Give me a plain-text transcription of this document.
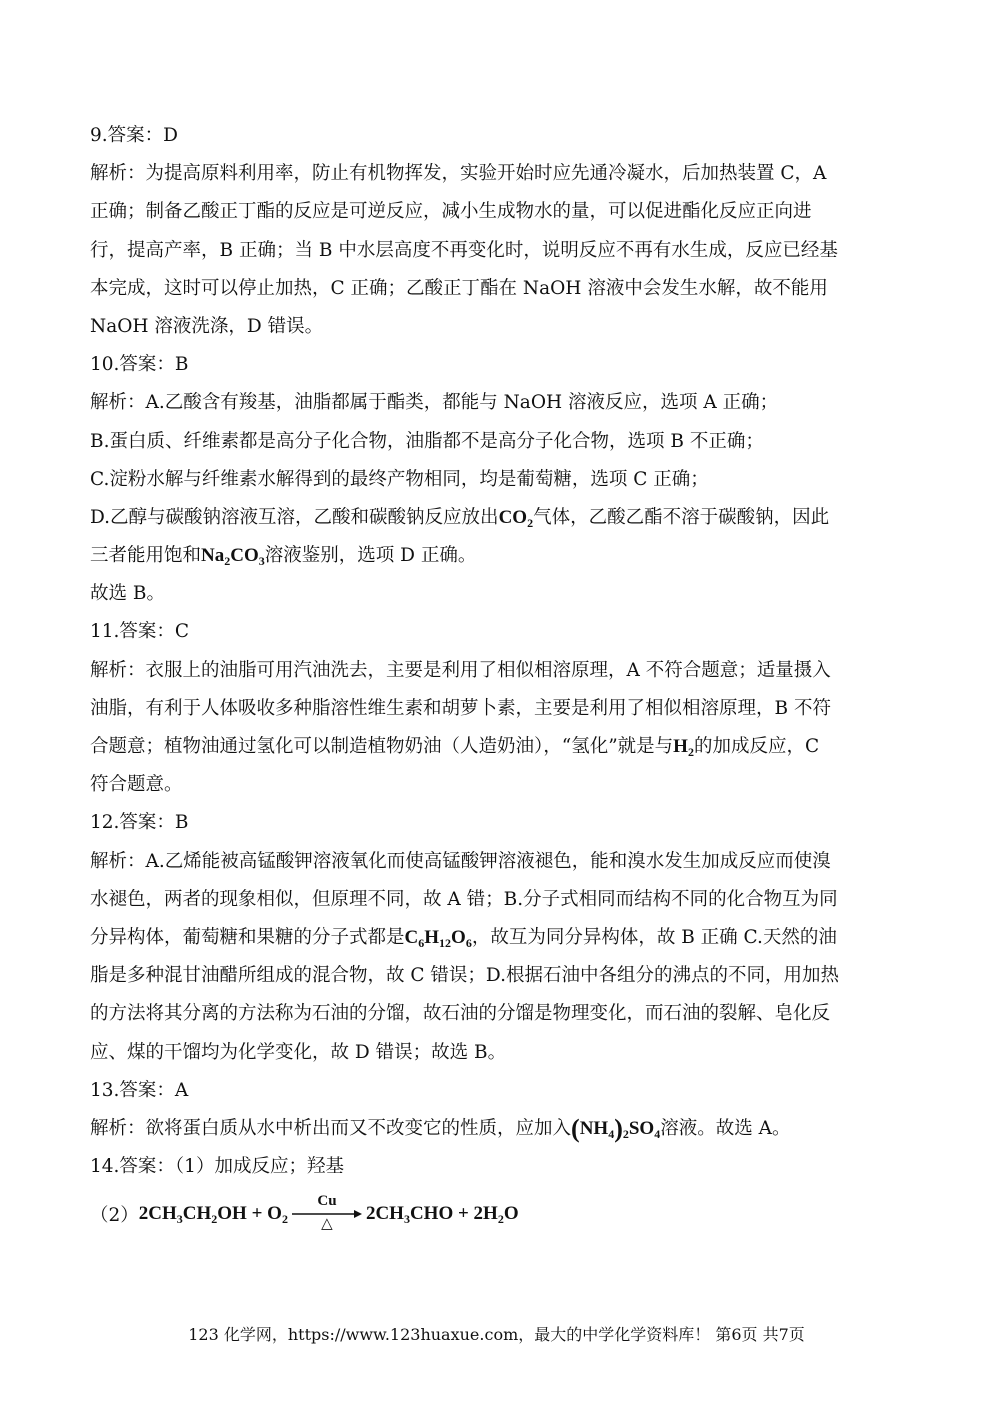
9.答案：D
解析：为提高原料利用率，防止有机物挥发，实验开始时应先通冷凝水，后加热装置 C，A
正确；制备乙酸正丁酯的反应是可逆反应，减小生成物水的量，可以促进酯化反应正向进
行，提高产率，B 正确；当 B 中水层高度不再变化时，说明反应不再有水生成，反应已经基
本完成，这时可以停止加热，C 正确；乙酸正丁酯在 NaOH 溶液中会发生水解，故不能用
NaOH 溶液洗涤，D 错误。
10.答案：B
解析：A.乙酸含有羧基，油脂都属于酯类，都能与 NaOH 溶液反应，选项 A 正确；
B.蛋白质、纤维素都是高分子化合物，油脂都不是高分子化合物，选项 B 不正确；
C.淀粉水解与纤维素水解得到的最终产物相同，均是葡萄糖，选项 C 正确；
D.乙醇与碳酸钠溶液互溶，乙酸和碳酸钠反应放出$CO_2$气体，乙酸乙酯不溶于碳酸钠，因此
三者能用饱和$Na_2CO_3$溶液鉴别，选项 D 正确。
故选 B。
11.答案：C
解析：衣服上的油脂可用汽油洗去，主要是利用了相似相溶原理，A 不符合题意；适量摄入
油脂，有利于人体吸收多种脂溶性维生素和胡萝卜素，主要是利用了相似相溶原理，B 不符
合题意；植物油通过氢化可以制造植物奶油（人造奶油），“氢化”就是与$H_2$的加成反应，C
符合题意。
12.答案：B
解析：A.乙烯能被高锰酸钾溶液氧化而使高锰酸钾溶液褪色，能和溴水发生加成反应而使溴
水褪色，两者的现象相似，但原理不同，故 A 错；B.分子式相同而结构不同的化合物互为同
分异构体，葡萄糖和果糖的分子式都是$C_6H_{12}O_6$，故互为同分异构体，故 B 正确 C.天然的油
脂是多种混甘油醋所组成的混合物，故 C 错误；D.根据石油中各组分的沸点的不同，用加热
的方法将其分离的方法称为石油的分馏，故石油的分馏是物理变化，而石油的裂解、皂化反
应、煤的干馏均为化学变化，故 D 错误；故选 B。
13.答案：A
解析：欲将蛋白质从水中析出而又不改变它的性质，应加入$(NH_4)_2SO_4$溶液。故选 A。
14.答案：（1）加成反应；羟基
（2） $2CH_3CH_2OH + O_2$
Cu
△	$2CH_3CHO + 2H_2O$
123 化学网，https://www.123huaxue.com，最大的中学化学资料库！ 第6页 共7页
